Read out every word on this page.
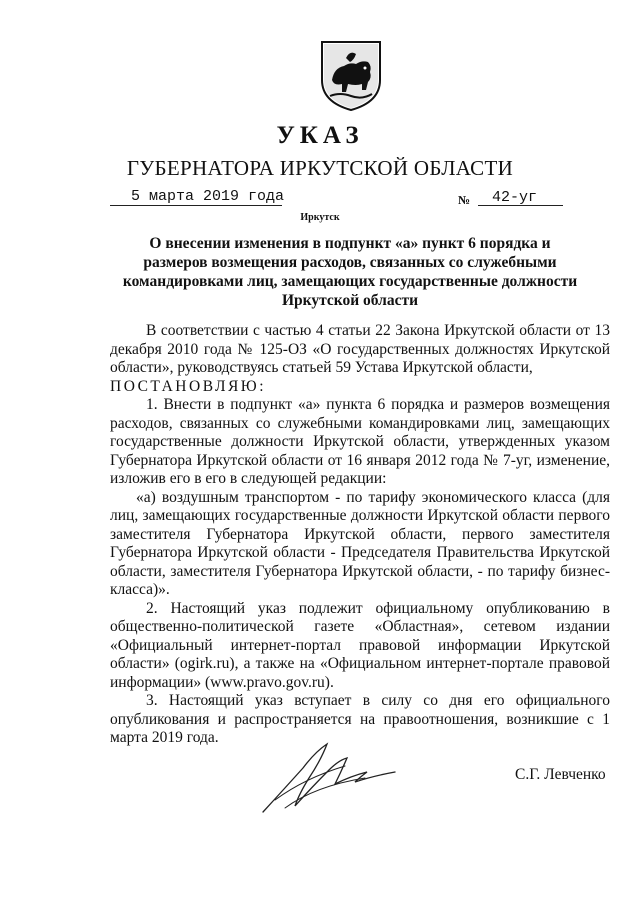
УКАЗ
ГУБЕРНАТОРА ИРКУТСКОЙ ОБЛАСТИ
5 марта 2019 года	№ 42-уг
Иркутск
О внесении изменения в подпункт «а» пункт 6 порядка и размеров возмещения расходов, связанных со служебными командировками лиц, замещающих государственные должности Иркутской области

В соответствии с частью 4 статьи 22 Закона Иркутской области от 13 декабря 2010 года № 125-ОЗ «О государственных должностях Иркутской области», руководствуясь статьей 59 Устава Иркутской области,

ПОСТАНОВЛЯЮ:

1. Внести в подпункт «а» пункта 6 порядка и размеров возмещения расходов, связанных со служебными командировками лиц, замещающих государственные должности Иркутской области, утвержденных указом Губернатора Иркутской области от 16 января 2012 года № 7-уг, изменение, изложив его в его в следующей редакции:

«а) воздушным транспортом - по тарифу экономического класса (для лиц, замещающих государственные должности Иркутской области первого заместителя Губернатора Иркутской области, первого заместителя Губернатора Иркутской области - Председателя Правительства Иркутской области, заместителя Губернатора Иркутской области, - по тарифу бизнес-класса)».

2. Настоящий указ подлежит официальному опубликованию в общественно-политической газете «Областная», сетевом издании «Официальный интернет-портал правовой информации Иркутской области» (ogirk.ru), а также на «Официальном интернет-портале правовой информации» (www.pravo.gov.ru).

3. Настоящий указ вступает в силу со дня его официального опубликования и распространяется на правоотношения, возникшие с 1 марта 2019 года.

С.Г. Левченко
